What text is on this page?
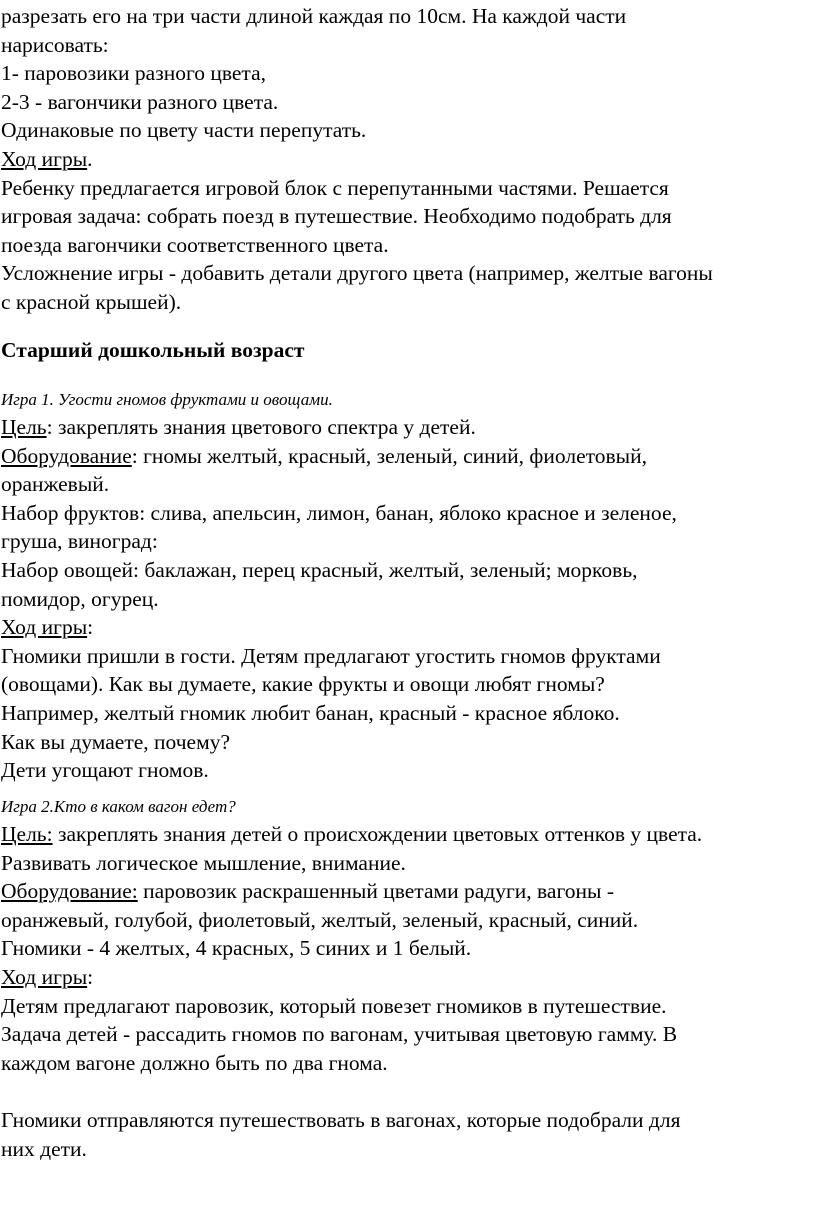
разрезать его на три части длиной каждая по 10см. На каждой части

нарисовать:

1- паровозики разного цвета,

2-3 - вагончики разного цвета.

Одинаковые по цвету части перепутать.

Ход игры.

Ребенку предлагается игровой блок с перепутанными частями. Решается

игровая задача: собрать поезд в путешествие. Необходимо подобрать для

поезда вагончики соответственного цвета.

Усложнение игры - добавить детали другого цвета (например, желтые вагоны

с красной крышей).

Старший дошкольный возраст

Игра 1. Угости гномов фруктами и овощами.

Цель: закреплять знания цветового спектра у детей.

Оборудование: гномы желтый, красный, зеленый, синий, фиолетовый,

оранжевый.

Набор фруктов: слива, апельсин, лимон, банан, яблоко красное и зеленое,

груша, виноград:

Набор овощей: баклажан, перец красный, желтый, зеленый; морковь,

помидор, огурец.

Ход игры:

Гномики пришли в гости. Детям предлагают угостить гномов фруктами

(овощами). Как вы думаете, какие фрукты и овощи любят гномы?

Например, желтый гномик любит банан, красный - красное яблоко.

Как вы думаете, почему?

Дети угощают гномов.

Игра 2.Кто в каком вагон едет?

Цель: закреплять знания детей о происхождении цветовых оттенков у цвета.

Развивать логическое мышление, внимание.

Оборудование: паровозик раскрашенный цветами радуги, вагоны -

оранжевый, голубой, фиолетовый, желтый, зеленый, красный, синий.

Гномики - 4 желтых, 4 красных, 5 синих и 1 белый.

Ход игры:

Детям предлагают паровозик, который повезет гномиков в путешествие.

Задача детей - рассадить гномов по вагонам, учитывая цветовую гамму. В

каждом вагоне должно быть по два гнома.

Гномики отправляются путешествовать в вагонах, которые подобрали для

них дети.
